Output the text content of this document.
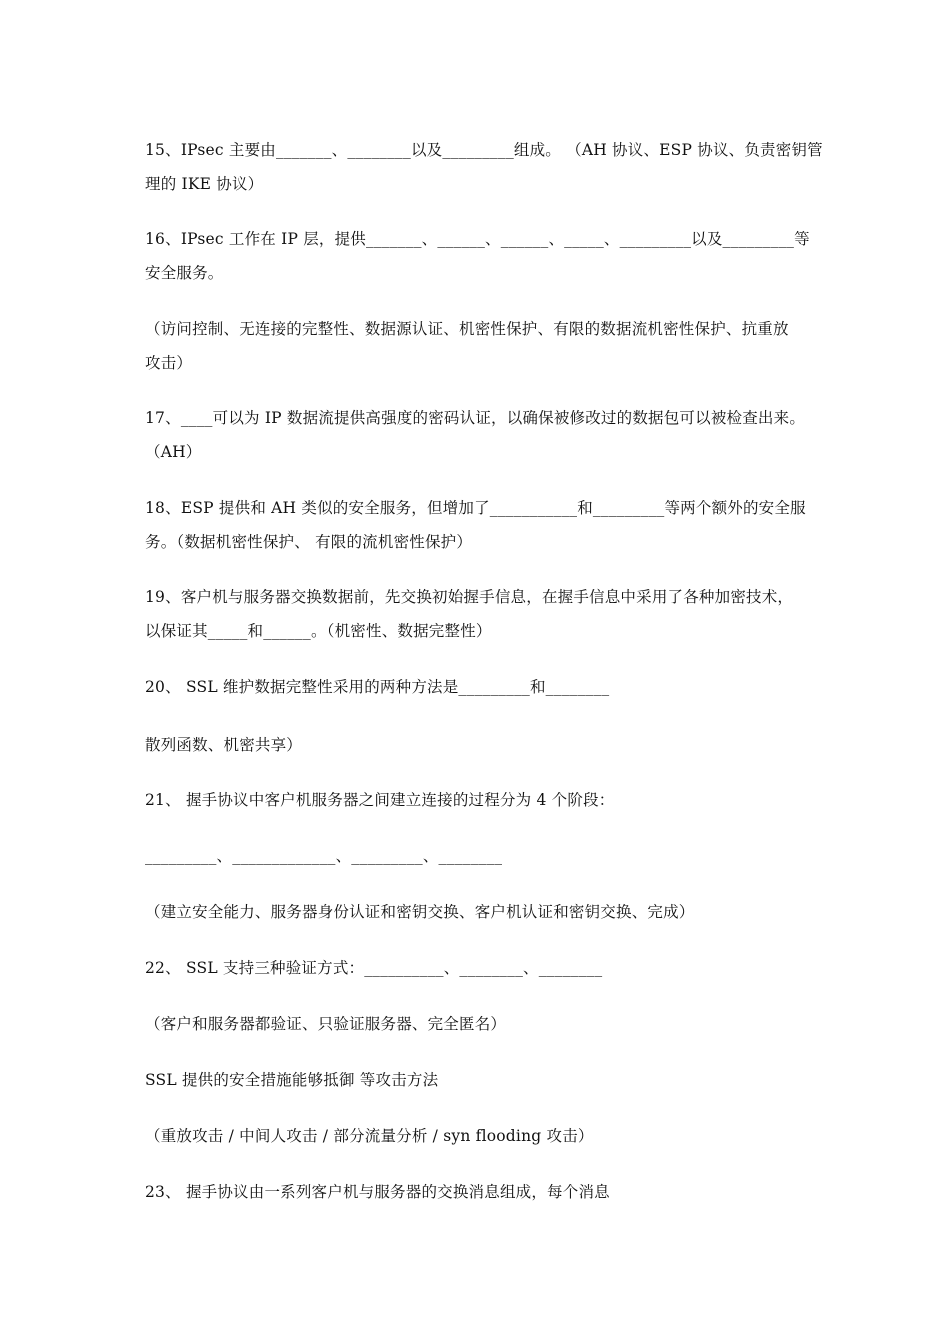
15、IPsec 主要由_______、________以及_________组成。 （AH 协议、ESP 协议、负责密钥管
理的 IKE 协议）
16、IPsec 工作在 IP 层，提供_______、______、______、_____、_________以及_________等
安全服务。
（访问控制、无连接的完整性、数据源认证、机密性保护、有限的数据流机密性保护、抗重放
攻击）
17、____可以为 IP 数据流提供高强度的密码认证，以确保被修改过的数据包可以被检查出来。
（AH）
18、ESP 提供和 AH 类似的安全服务，但增加了___________和_________等两个额外的安全服
务。（数据机密性保护、 有限的流机密性保护）
19、客户机与服务器交换数据前，先交换初始握手信息，在握手信息中采用了各种加密技术，
以保证其_____和______。（机密性、数据完整性）
20、 SSL 维护数据完整性采用的两种方法是_________和________
散列函数、机密共享）
21、 握手协议中客户机服务器之间建立连接的过程分为 4 个阶段：
_________、_____________、_________、________
（建立安全能力、服务器身份认证和密钥交换、客户机认证和密钥交换、完成）
22、 SSL 支持三种验证方式：__________、________、________
（客户和服务器都验证、只验证服务器、完全匿名）
SSL 提供的安全措施能够抵御 等攻击方法
（重放攻击 / 中间人攻击 / 部分流量分析 / syn flooding 攻击）
23、 握手协议由一系列客户机与服务器的交换消息组成，每个消息
